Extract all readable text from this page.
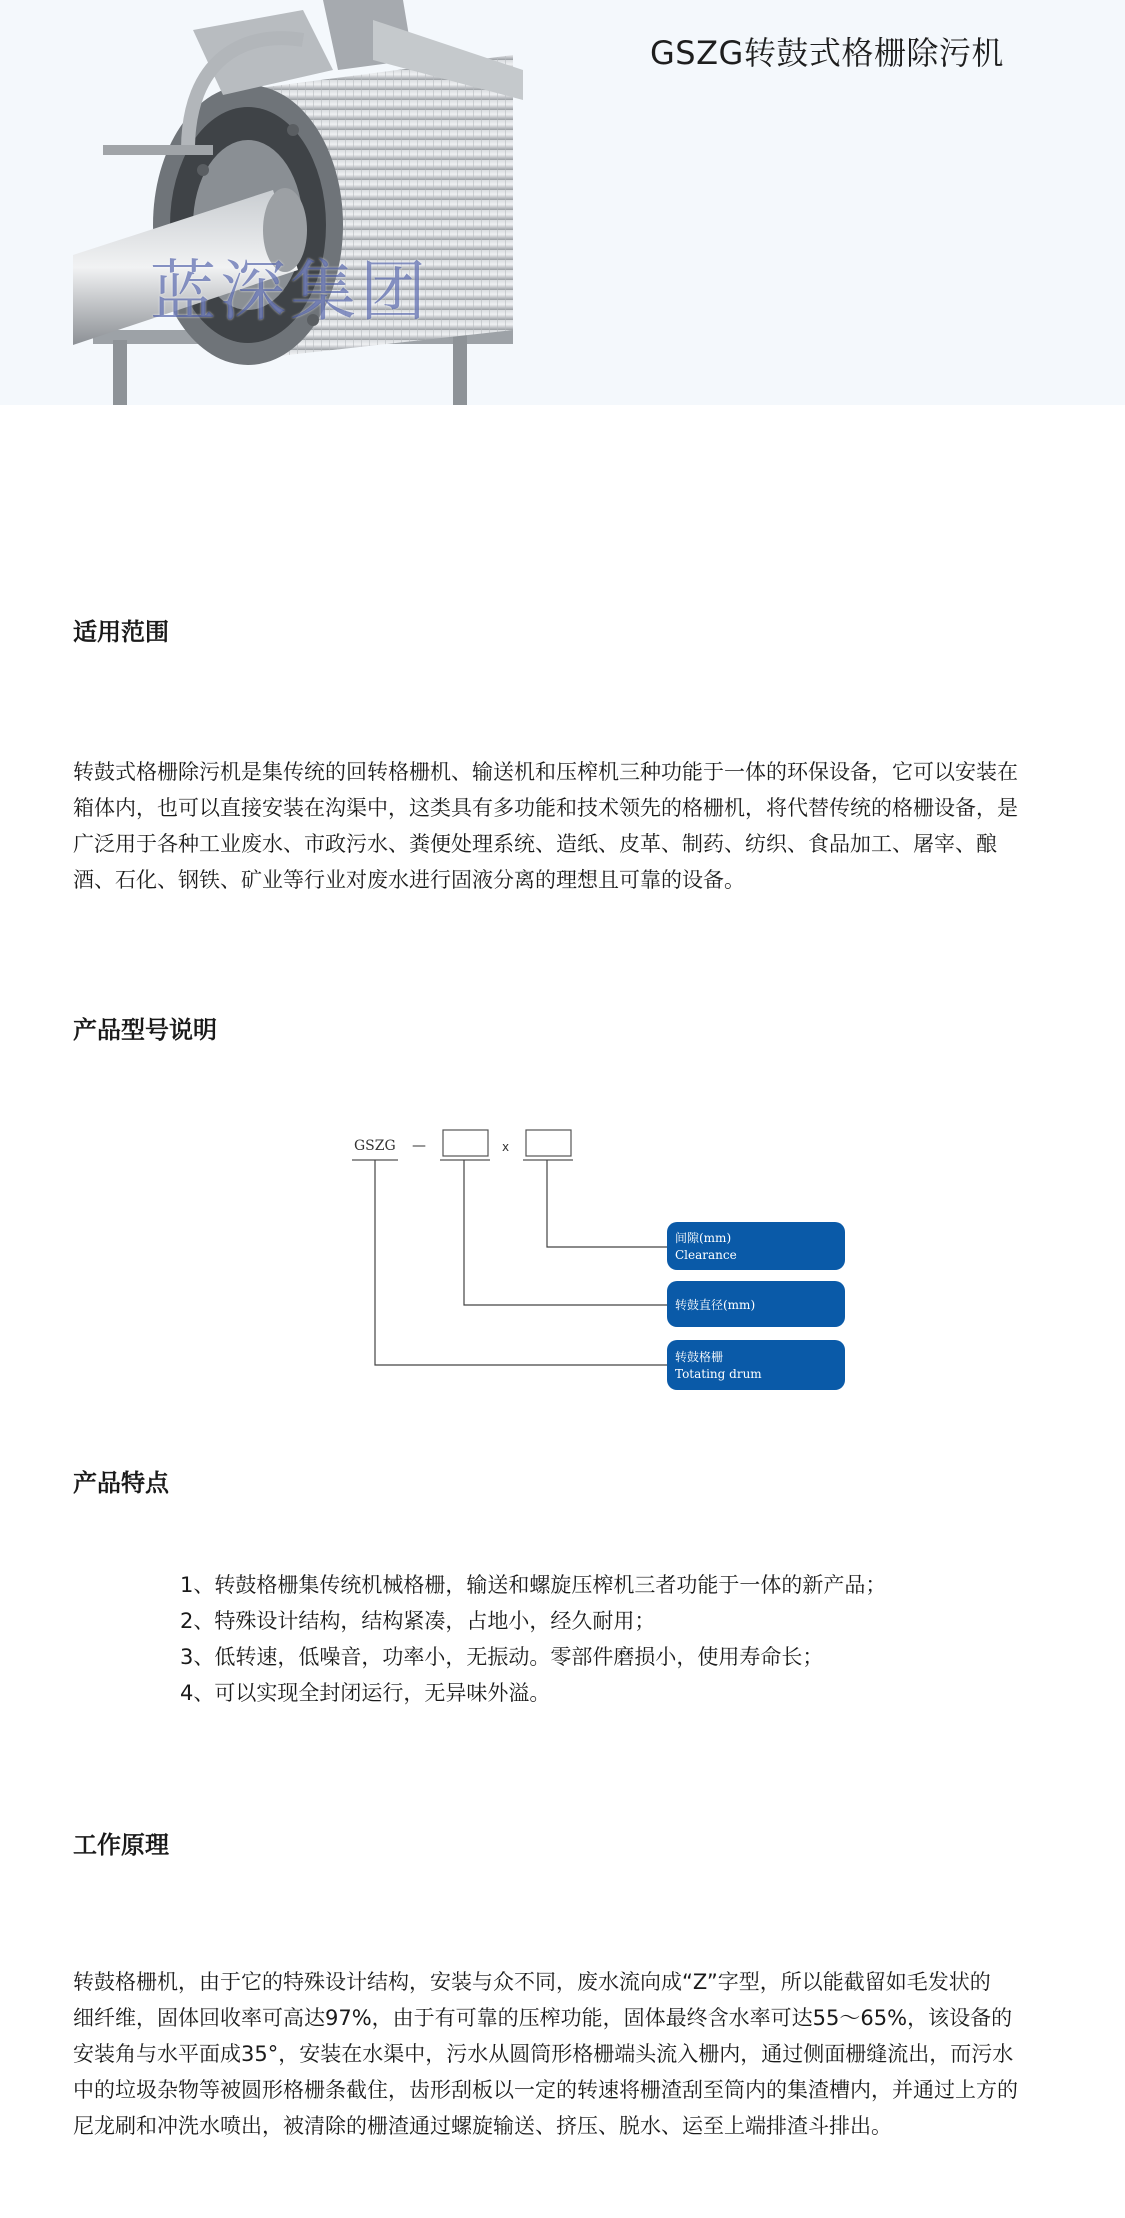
蓝深集团
GSZG转鼓式格栅除污机
适用范围
转鼓式格栅除污机是集传统的回转格栅机、输送机和压榨机三种功能于一体的环保设备，它可以安装在
箱体内，也可以直接安装在沟渠中，这类具有多功能和技术领先的格栅机，将代替传统的格栅设备，是
广泛用于各种工业废水、市政污水、粪便处理系统、造纸、皮革、制药、纺织、食品加工、屠宰、酿
酒、石化、钢铁、矿业等行业对废水进行固液分离的理想且可靠的设备。
产品型号说明
GSZG —	x
间隙(mm)
Clearance
转鼓直径(mm)
转鼓格栅
Totating drum
产品特点
1、转鼓格栅集传统机械格栅，输送和螺旋压榨机三者功能于一体的新产品；
2、特殊设计结构，结构紧凑，占地小，经久耐用；
3、低转速，低噪音，功率小，无振动。零部件磨损小，使用寿命长；
4、可以实现全封闭运行，无异味外溢。
工作原理
转鼓格栅机，由于它的特殊设计结构，安装与众不同，废水流向成“Z”字型，所以能截留如毛发状的
细纤维，固体回收率可高达97%，由于有可靠的压榨功能，固体最终含水率可达55～65%，该设备的
安装角与水平面成35°，安装在水渠中，污水从圆筒形格栅端头流入栅内，通过侧面栅缝流出，而污水
中的垃圾杂物等被圆形格栅条截住，齿形刮板以一定的转速将栅渣刮至筒内的集渣槽内，并通过上方的
尼龙刷和冲洗水喷出，被清除的栅渣通过螺旋输送、挤压、脱水、运至上端排渣斗排出。
